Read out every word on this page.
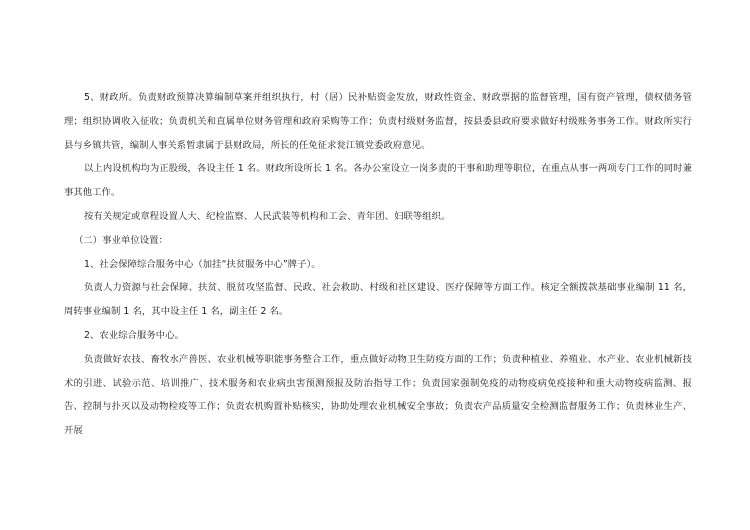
5、财政所。负责财政预算决算编制草案并组织执行，村（居）民补贴资金发放，财政性资金、财政票据的监督管理，国有资产管理，债权债务管理；组织协调收入征收；负责机关和直属单位财务管理和政府采购等工作；负责村级财务监督，按县委县政府要求做好村级账务事务工作。财政所实行县与乡镇共管，编制人事关系暂隶属于县财政局，所长的任免征求瓮江镇党委政府意见。

以上内设机构均为正股级，各设主任 1 名。财政所设所长 1 名。各办公室设立一岗多责的干事和助理等职位，在重点从事一两项专门工作的同时兼事其他工作。

按有关规定或章程设置人大、纪检监察、人民武装等机构和工会、青年团、妇联等组织。

（二）事业单位设置：

1、社会保障综合服务中心（加挂“扶贫服务中心”牌子）。

负责人力资源与社会保障、扶贫、脱贫攻坚监督、民政、社会救助、村级和社区建设、医疗保障等方面工作。核定全额拨款基础事业编制 11 名，周转事业编制 1 名，其中设主任 1 名，副主任 2 名。

2、农业综合服务中心。

负责做好农技、畜牧水产兽医、农业机械等职能事务整合工作，重点做好动物卫生防疫方面的工作；负责种植业、养殖业、水产业、农业机械新技术的引进、试验示范、培训推广、技术服务和农业病虫害预测预报及防治指导工作；负责国家强制免疫的动物疫病免疫接种和重大动物疫病监测、报告、控制与扑灭以及动物检疫等工作；负责农机购置补贴核实，协助处理农业机械安全事故；负责农产品质量安全检测监督服务工作；负责林业生产、开展
